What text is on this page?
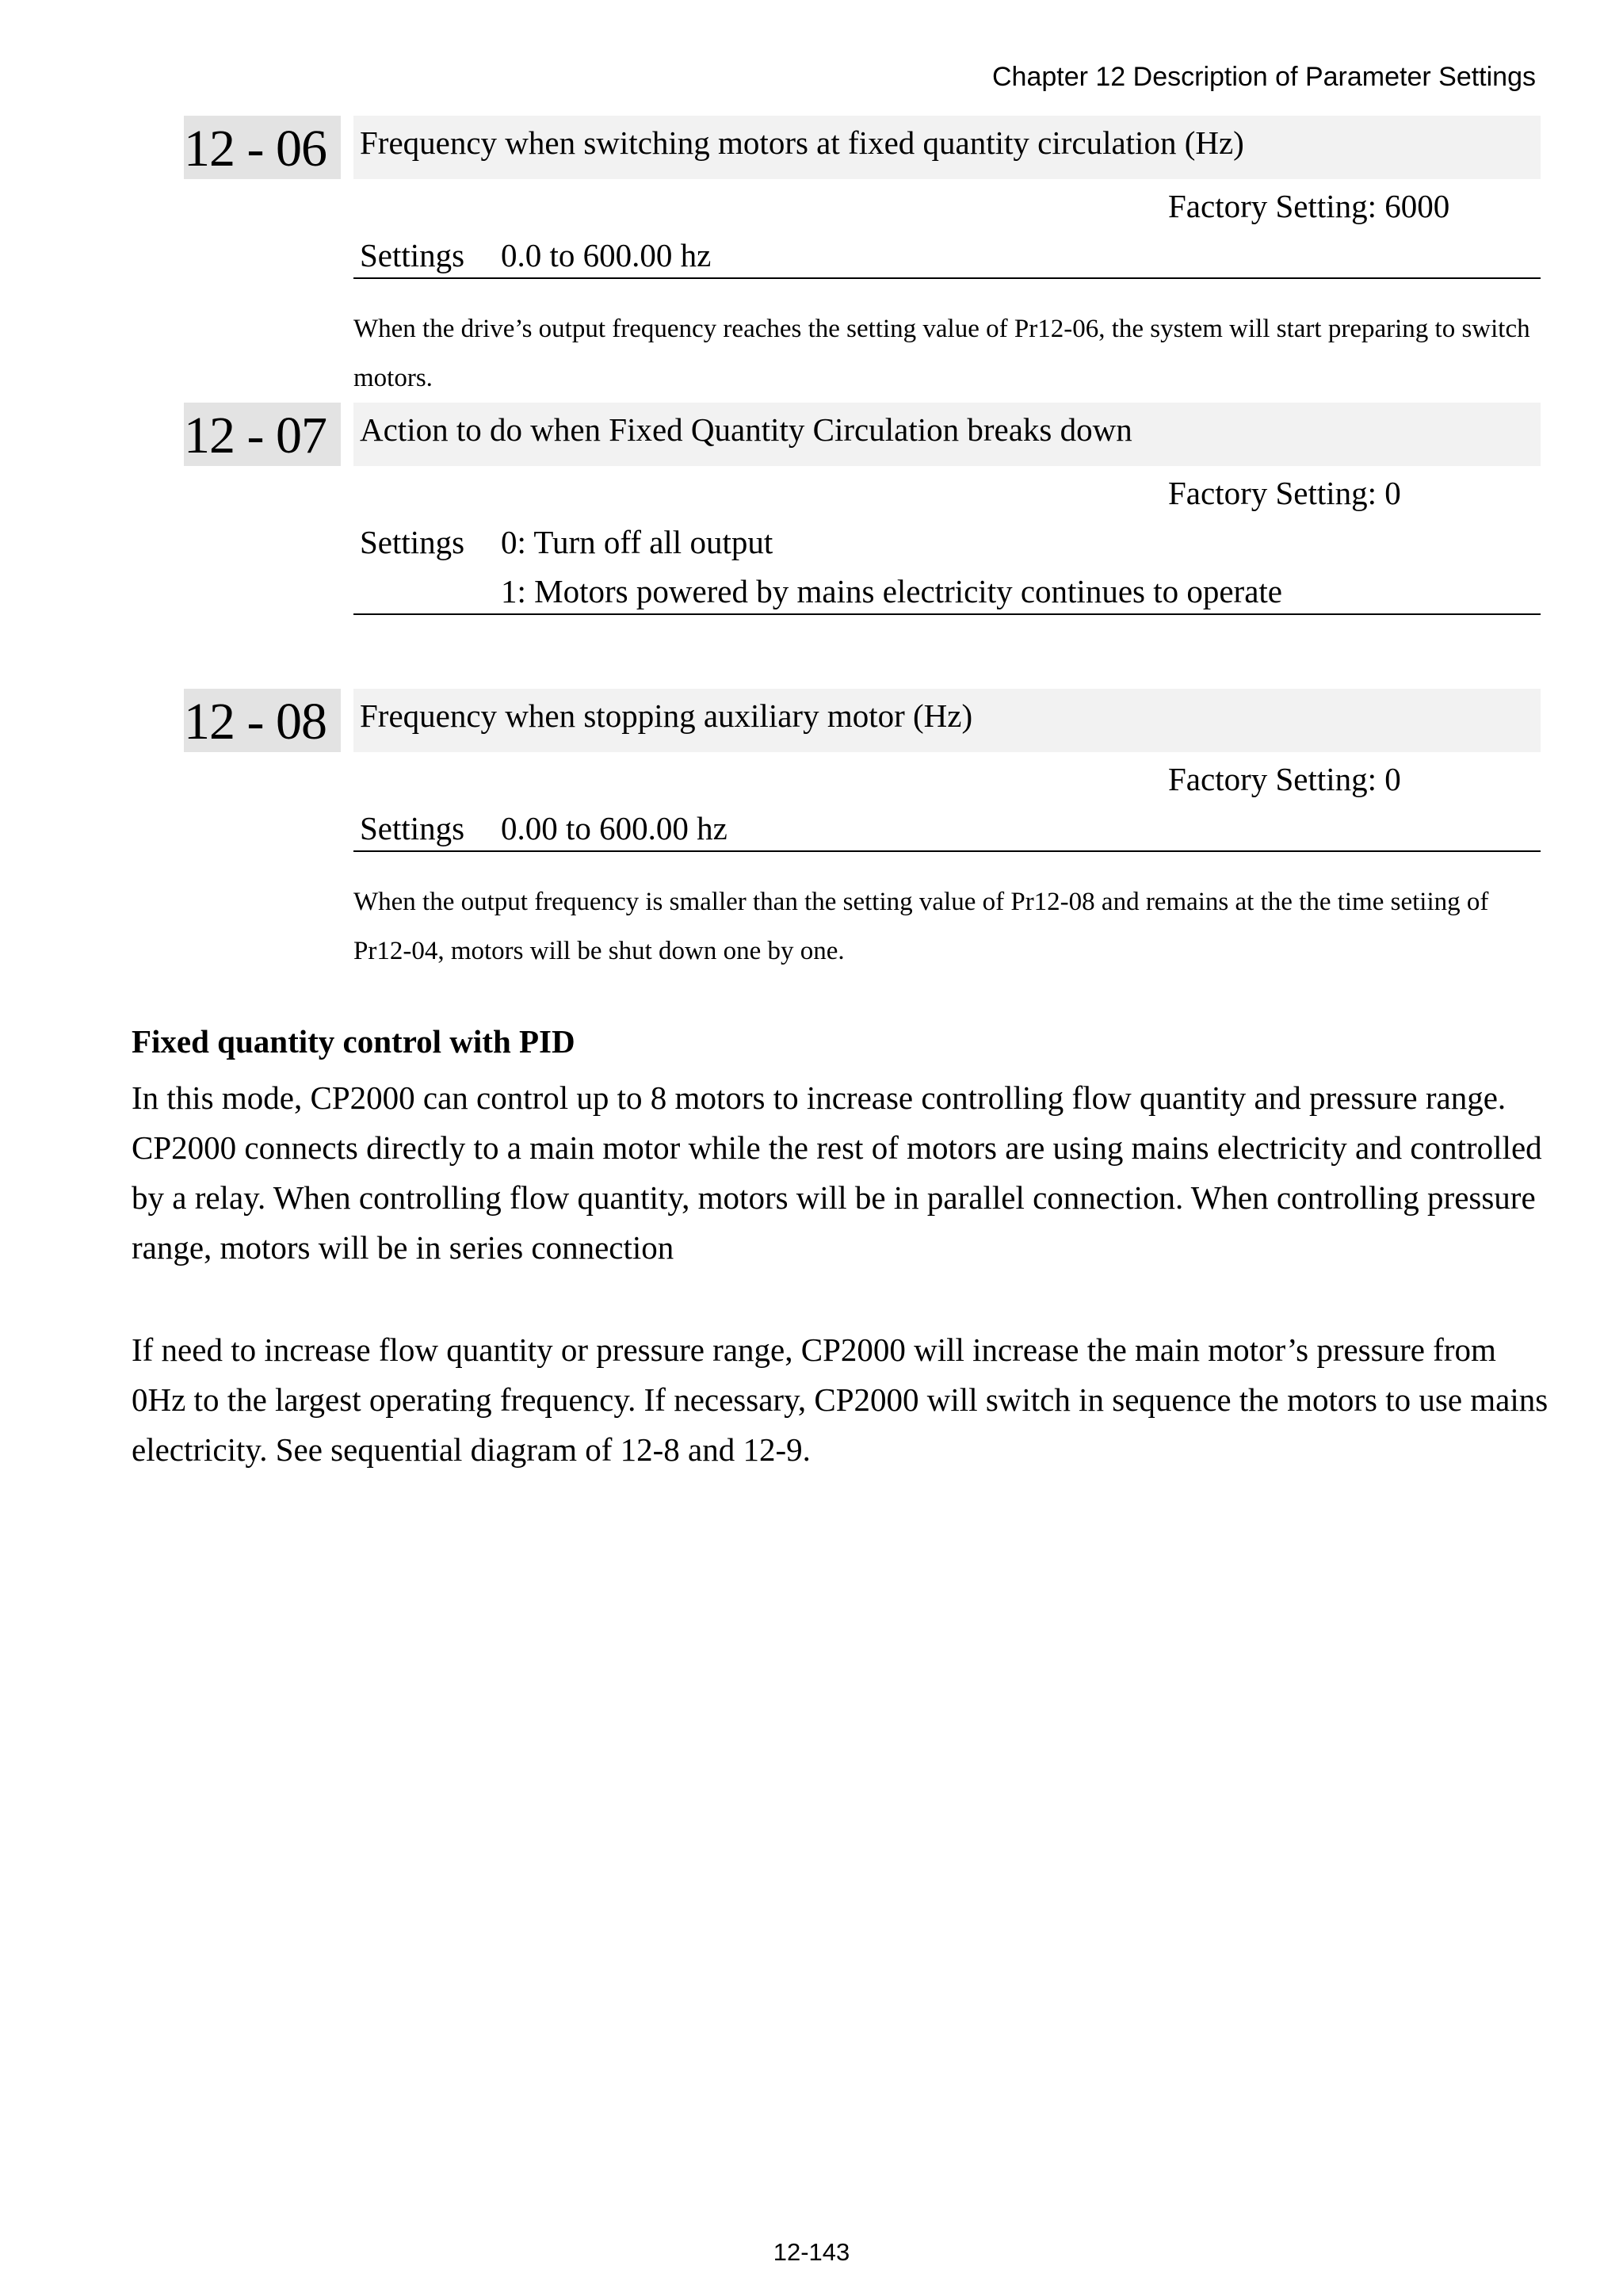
Chapter 12 Description of Parameter Settings
12 - 06	Frequency when switching motors at fixed quantity circulation (Hz)
Factory Setting: 6000
Settings 0.0 to 600.00 hz
When the drive’s output frequency reaches the setting value of Pr12-06, the system will start preparing to switch motors.
12 - 07	Action to do when Fixed Quantity Circulation breaks down
Factory Setting: 0
Settings 0: Turn off all output
1: Motors powered by mains electricity continues to operate
12 - 08	Frequency when stopping auxiliary motor (Hz)
Factory Setting: 0
Settings 0.00 to 600.00 hz
When the output frequency is smaller than the setting value of Pr12-08 and remains at the the time setiing of Pr12-04, motors will be shut down one by one.
Fixed quantity control with PID
In this mode, CP2000 can control up to 8 motors to increase controlling flow quantity and pressure range. CP2000 connects directly to a main motor while the rest of motors are using mains electricity and controlled by a relay. When controlling flow quantity, motors will be in parallel connection. When controlling pressure range, motors will be in series connection
If need to increase flow quantity or pressure range, CP2000 will increase the main motor’s pressure from 0Hz to the largest operating frequency. If necessary, CP2000 will switch in sequence the motors to use mains electricity. See sequential diagram of 12-8 and 12-9.
12-143
